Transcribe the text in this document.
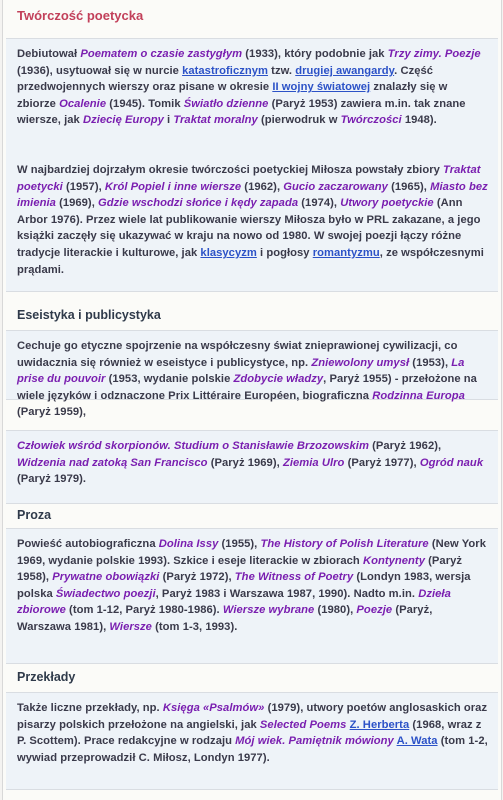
Twórczość poetycka

Debiutował Poematem o czasie zastygłym (1933), który podobnie jak Trzy zimy. Poezje (1936), usytuował się w nurcie katastroficznym tzw. drugiej awangardy. Część przedwojennych wierszy oraz pisane w okresie II wojny światowej znalazły się w zbiorze Ocalenie (1945). Tomik Światło dzienne (Paryż 1953) zawiera m.in. tak znane wiersze, jak Dziecię Europy i Traktat moralny (pierwodruk w Twórczości 1948).

W najbardziej dojrzałym okresie twórczości poetyckiej Miłosza powstały zbiory Traktat poetycki (1957), Król Popiel i inne wiersze (1962), Gucio zaczarowany (1965), Miasto bez imienia (1969), Gdzie wschodzi słońce i kędy zapada (1974), Utwory poetyckie (Ann Arbor 1976). Przez wiele lat publikowanie wierszy Miłosza było w PRL zakazane, a jego książki zaczęły się ukazywać w kraju na nowo od 1980. W swojej poezji łączy różne tradycje literackie i kulturowe, jak klasycyzm i pogłosy romantyzmu, ze współczesnymi prądami.

Eseistyka i publicystyka

Cechuje go etyczne spojrzenie na współczesny świat znieprawionej cywilizacji, co uwidacznia się również w eseistyce i publicystyce, np. Zniewolony umysł (1953), La prise du pouvoir (1953, wydanie polskie Zdobycie władzy, Paryż 1955) - przełożone na wiele języków i odznaczone Prix Littéraire Européen, biograficzna Rodzinna Europa (Paryż 1959),

Człowiek wśród skorpionów. Studium o Stanisławie Brzozowskim (Paryż 1962), Widzenia nad zatoką San Francisco (Paryż 1969), Ziemia Ulro (Paryż 1977), Ogród nauk (Paryż 1979).

Proza

Powieść autobiograficzna Dolina Issy (1955), The History of Polish Literature (New York 1969, wydanie polskie 1993). Szkice i eseje literackie w zbiorach Kontynenty (Paryż 1958), Prywatne obowiązki (Paryż 1972), The Witness of Poetry (Londyn 1983, wersja polska Świadectwo poezji, Paryż 1983 i Warszawa 1987, 1990). Nadto m.in. Dzieła zbiorowe (tom 1-12, Paryż 1980-1986). Wiersze wybrane (1980), Poezje (Paryż, Warszawa 1981), Wiersze (tom 1-3, 1993).

Przekłady

Także liczne przekłady, np. Księga «Psalmów» (1979), utwory poetów anglosaskich oraz pisarzy polskich przełożone na angielski, jak Selected Poems Z. Herberta (1968, wraz z P. Scottem). Prace redakcyjne w rodzaju Mój wiek. Pamiętnik mówiony A. Wata (tom 1-2, wywiad przeprowadził C. Miłosz, Londyn 1977).
